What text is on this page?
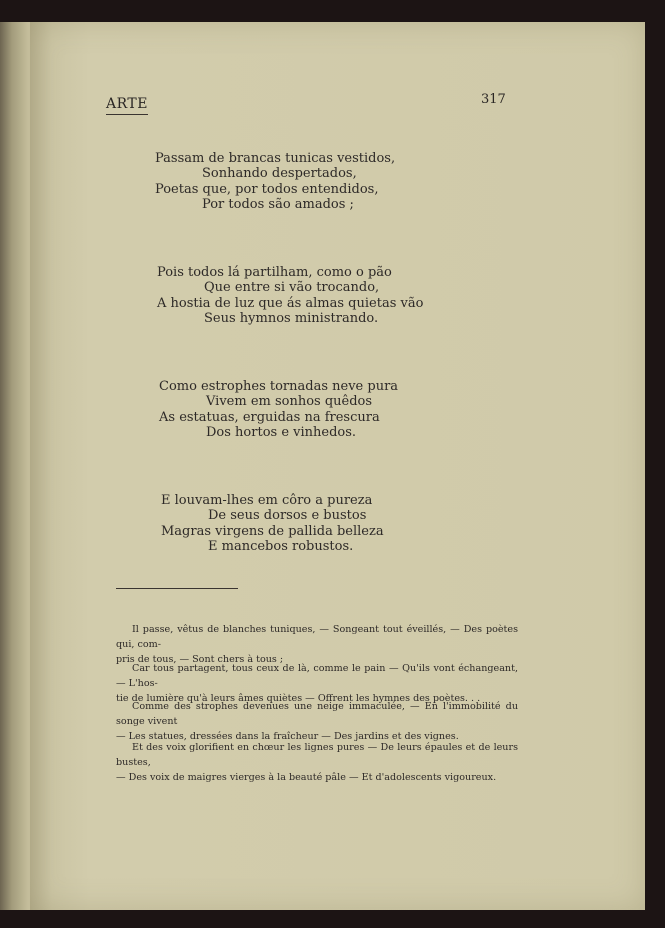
ARTE	317
Passam de brancas tunicas vestidos,
Sonhando despertados,
Poetas que, por todos entendidos,
Por todos são amados ;
Pois todos lá partilham, como o pão
Que entre si vão trocando,
A hostia de luz que ás almas quietas vão
Seus hymnos ministrando.
Como estrophes tornadas neve pura
Vivem em sonhos quêdos
As estatuas, erguidas na frescura
Dos hortos e vinhedos.
E louvam-lhes em côro a pureza
De seus dorsos e bustos
Magras virgens de pallida belleza
E mancebos robustos.
Il passe, vêtus de blanches tuniques, — Songeant tout éveillés, — Des poètes qui, com-
pris de tous, — Sont chers à tous ;
Car tous partagent, tous ceux de là, comme le pain — Qu'ils vont échangeant, — L'hos-
tie de lumière qu'à leurs âmes quiètes — Offrent les hymnes des poètes. . .
Comme des strophes devenues une neige immaculée, — En l'immobilité du songe vivent
— Les statues, dressées dans la fraîcheur — Des jardins et des vignes.
Et des voix glorifient en chœur les lignes pures — De leurs épaules et de leurs bustes,
— Des voix de maigres vierges à la beauté pâle — Et d'adolescents vigoureux.
